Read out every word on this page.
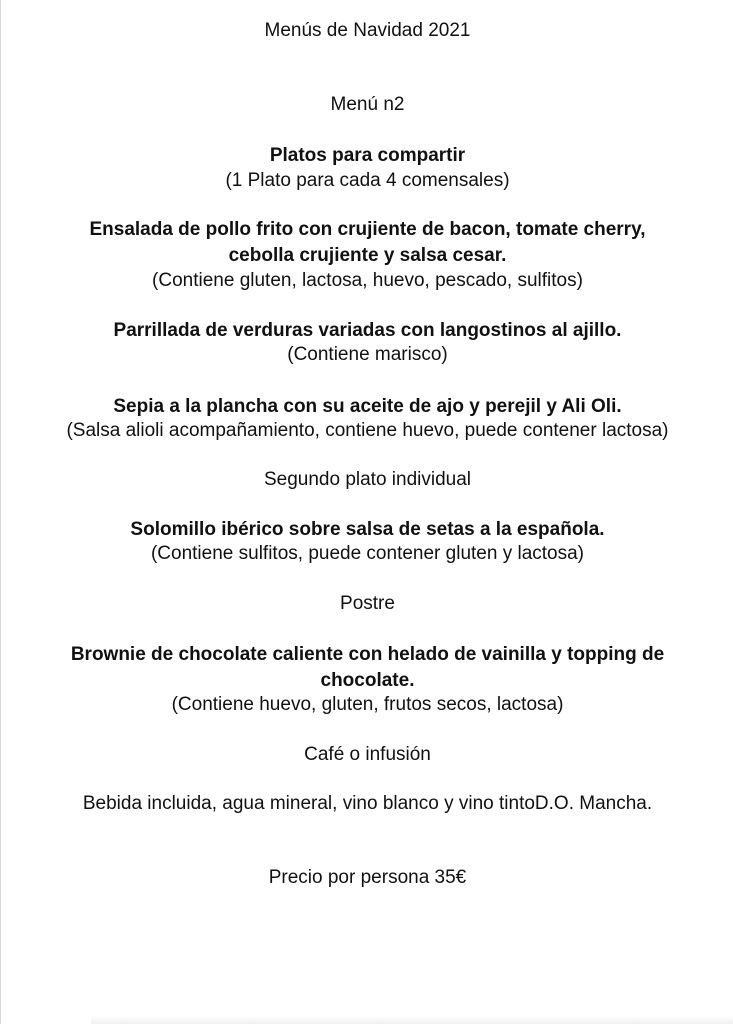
Menús de Navidad 2021
Menú n2
Platos para compartir
(1 Plato para cada 4 comensales)
Ensalada de pollo frito con crujiente de bacon, tomate cherry,
cebolla crujiente y salsa cesar.
(Contiene gluten, lactosa, huevo, pescado, sulfitos)
Parrillada de verduras variadas con langostinos al ajillo.
(Contiene marisco)
Sepia a la plancha con su aceite de ajo y perejil y Ali Oli.
(Salsa alioli acompañamiento, contiene huevo, puede contener lactosa)
Segundo plato individual
Solomillo ibérico sobre salsa de setas a la española.
(Contiene sulfitos, puede contener gluten y lactosa)
Postre
Brownie de chocolate caliente con helado de vainilla y topping de
chocolate.
(Contiene huevo, gluten, frutos secos, lactosa)
Café o infusión
Bebida incluida, agua mineral, vino blanco y vino tintoD.O. Mancha.
Precio por persona 35€
